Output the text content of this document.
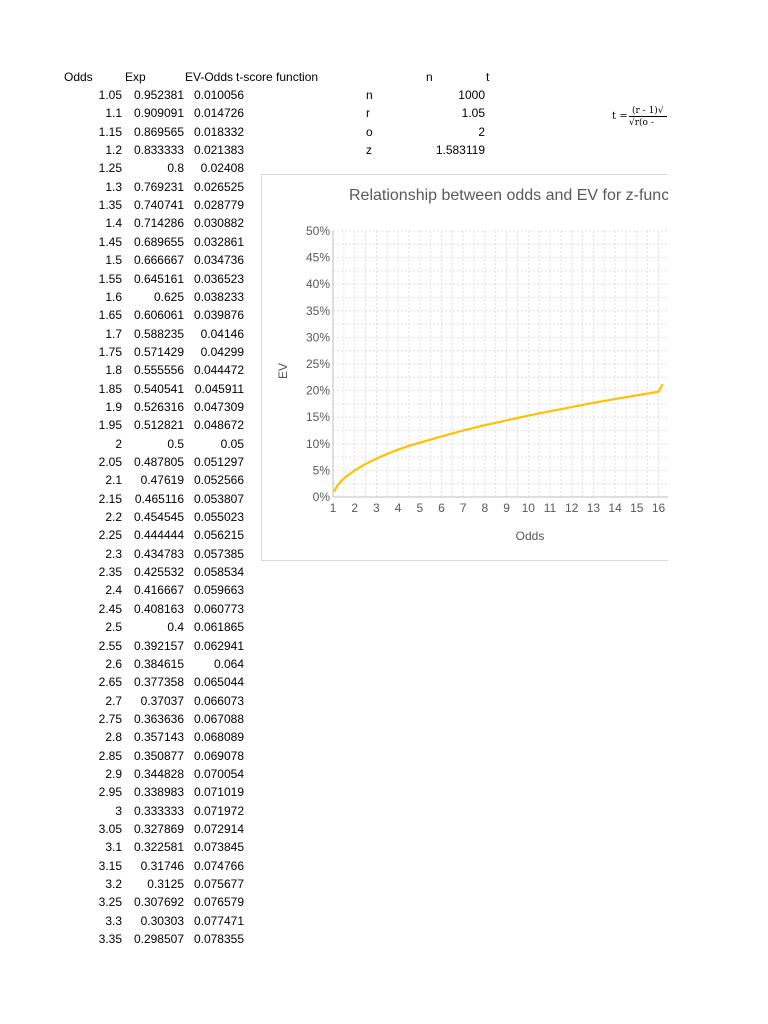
Odds	Exp	EV-Odds t-score function	n	t
1.05 0.952381 0.010056
1.1 0.909091 0.014726
1.15 0.869565 0.018332
1.2 0.833333 0.021383
1.25	0.8	0.02408
1.3 0.769231 0.026525
1.35 0.740741 0.028779
1.4 0.714286 0.030882
1.45 0.689655 0.032861
1.5 0.666667 0.034736
1.55 0.645161 0.036523
1.6	0.625 0.038233
1.65 0.606061 0.039876
1.7 0.588235	0.04146
1.75 0.571429	0.04299
1.8 0.555556 0.044472
1.85 0.540541 0.045911
1.9 0.526316 0.047309
1.95 0.512821 0.048672
2	0.5	0.05
2.05 0.487805 0.051297
2.1	0.47619 0.052566
2.15	0.465116 0.053807
2.2 0.454545 0.055023
2.25 0.444444 0.056215
2.3 0.434783 0.057385
2.35 0.425532 0.058534
2.4 0.416667 0.059663
2.45 0.408163 0.060773
2.5	0.4 0.061865
2.55 0.392157 0.062941
2.6 0.384615	0.064
2.65 0.377358 0.065044
2.7	0.37037 0.066073
2.75 0.363636 0.067088
2.8 0.357143 0.068089
2.85 0.350877 0.069078
2.9 0.344828 0.070054
2.95 0.338983 0.071019
3 0.333333 0.071972
3.05 0.327869 0.072914
3.1 0.322581 0.073845
3.15	0.31746 0.074766
3.2	0.3125 0.075677
3.25 0.307692 0.076579
3.3	0.30303 0.077471
3.35 0.298507 0.078355
n	1000
r	1.05
o	2
z	1.583119
t = (r - 1)√
√r(o -
Relationship between odds and EV for z-func
0%
5%
10%
15%
20%
25%
30%
35%
40%
45%
50%
1 2 3 4 5 6 7 8 9 10 11 12 13 14 15 16
Odds
EV
